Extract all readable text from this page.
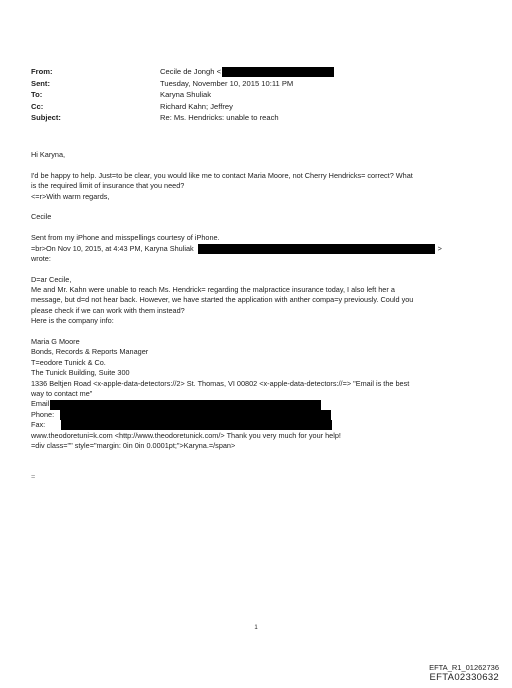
From:	Cecile de Jongh <
Sent:	Tuesday, November 10, 2015 10:11 PM
To:	Karyna Shuliak
Cc:	Richard Kahn; Jeffrey
Subject:	Re: Ms. Hendricks: unable to reach
Hi Karyna,
I'd be happy to help. Just=to be clear, you would like me to contact Maria Moore, not Cherry Hendricks= correct? What
is the required limit of insurance that you need?
<=r>With warm regards,
Cecile
Sent from my iPhone and misspellings courtesy of iPhone.
=br>On Nov 10, 2015, at 4:43 PM, Karyna Shuliak	>
wrote:
D=ar Cecile,
Me and Mr. Kahn were unable to reach Ms. Hendrick= regarding the malpractice insurance today, I also left her a
message, but d=d not hear back. However, we have started the application with anther compa=y previously. Could you
please check if we can work with them instead?
Here is the company info:
Maria G Moore
Bonds, Records & Reports Manager
T=eodore Tunick & Co.
The Tunick Building, Suite 300
1336 Beltjen Road <x-apple-data-detectors://2> St. Thomas, VI 00802 <x-apple-data-detectors://=> "Email is the best
way to contact me"
Email
Phone:
Fax:
www.theodoretuni=k.com <http://www.theodoretunick.com/> Thank you very much for your help!
=div class="" style="margin: 0in 0in 0.0001pt;">Karyna.=/span>
=
1
EFTA_R1_01262736
EFTA02330632
